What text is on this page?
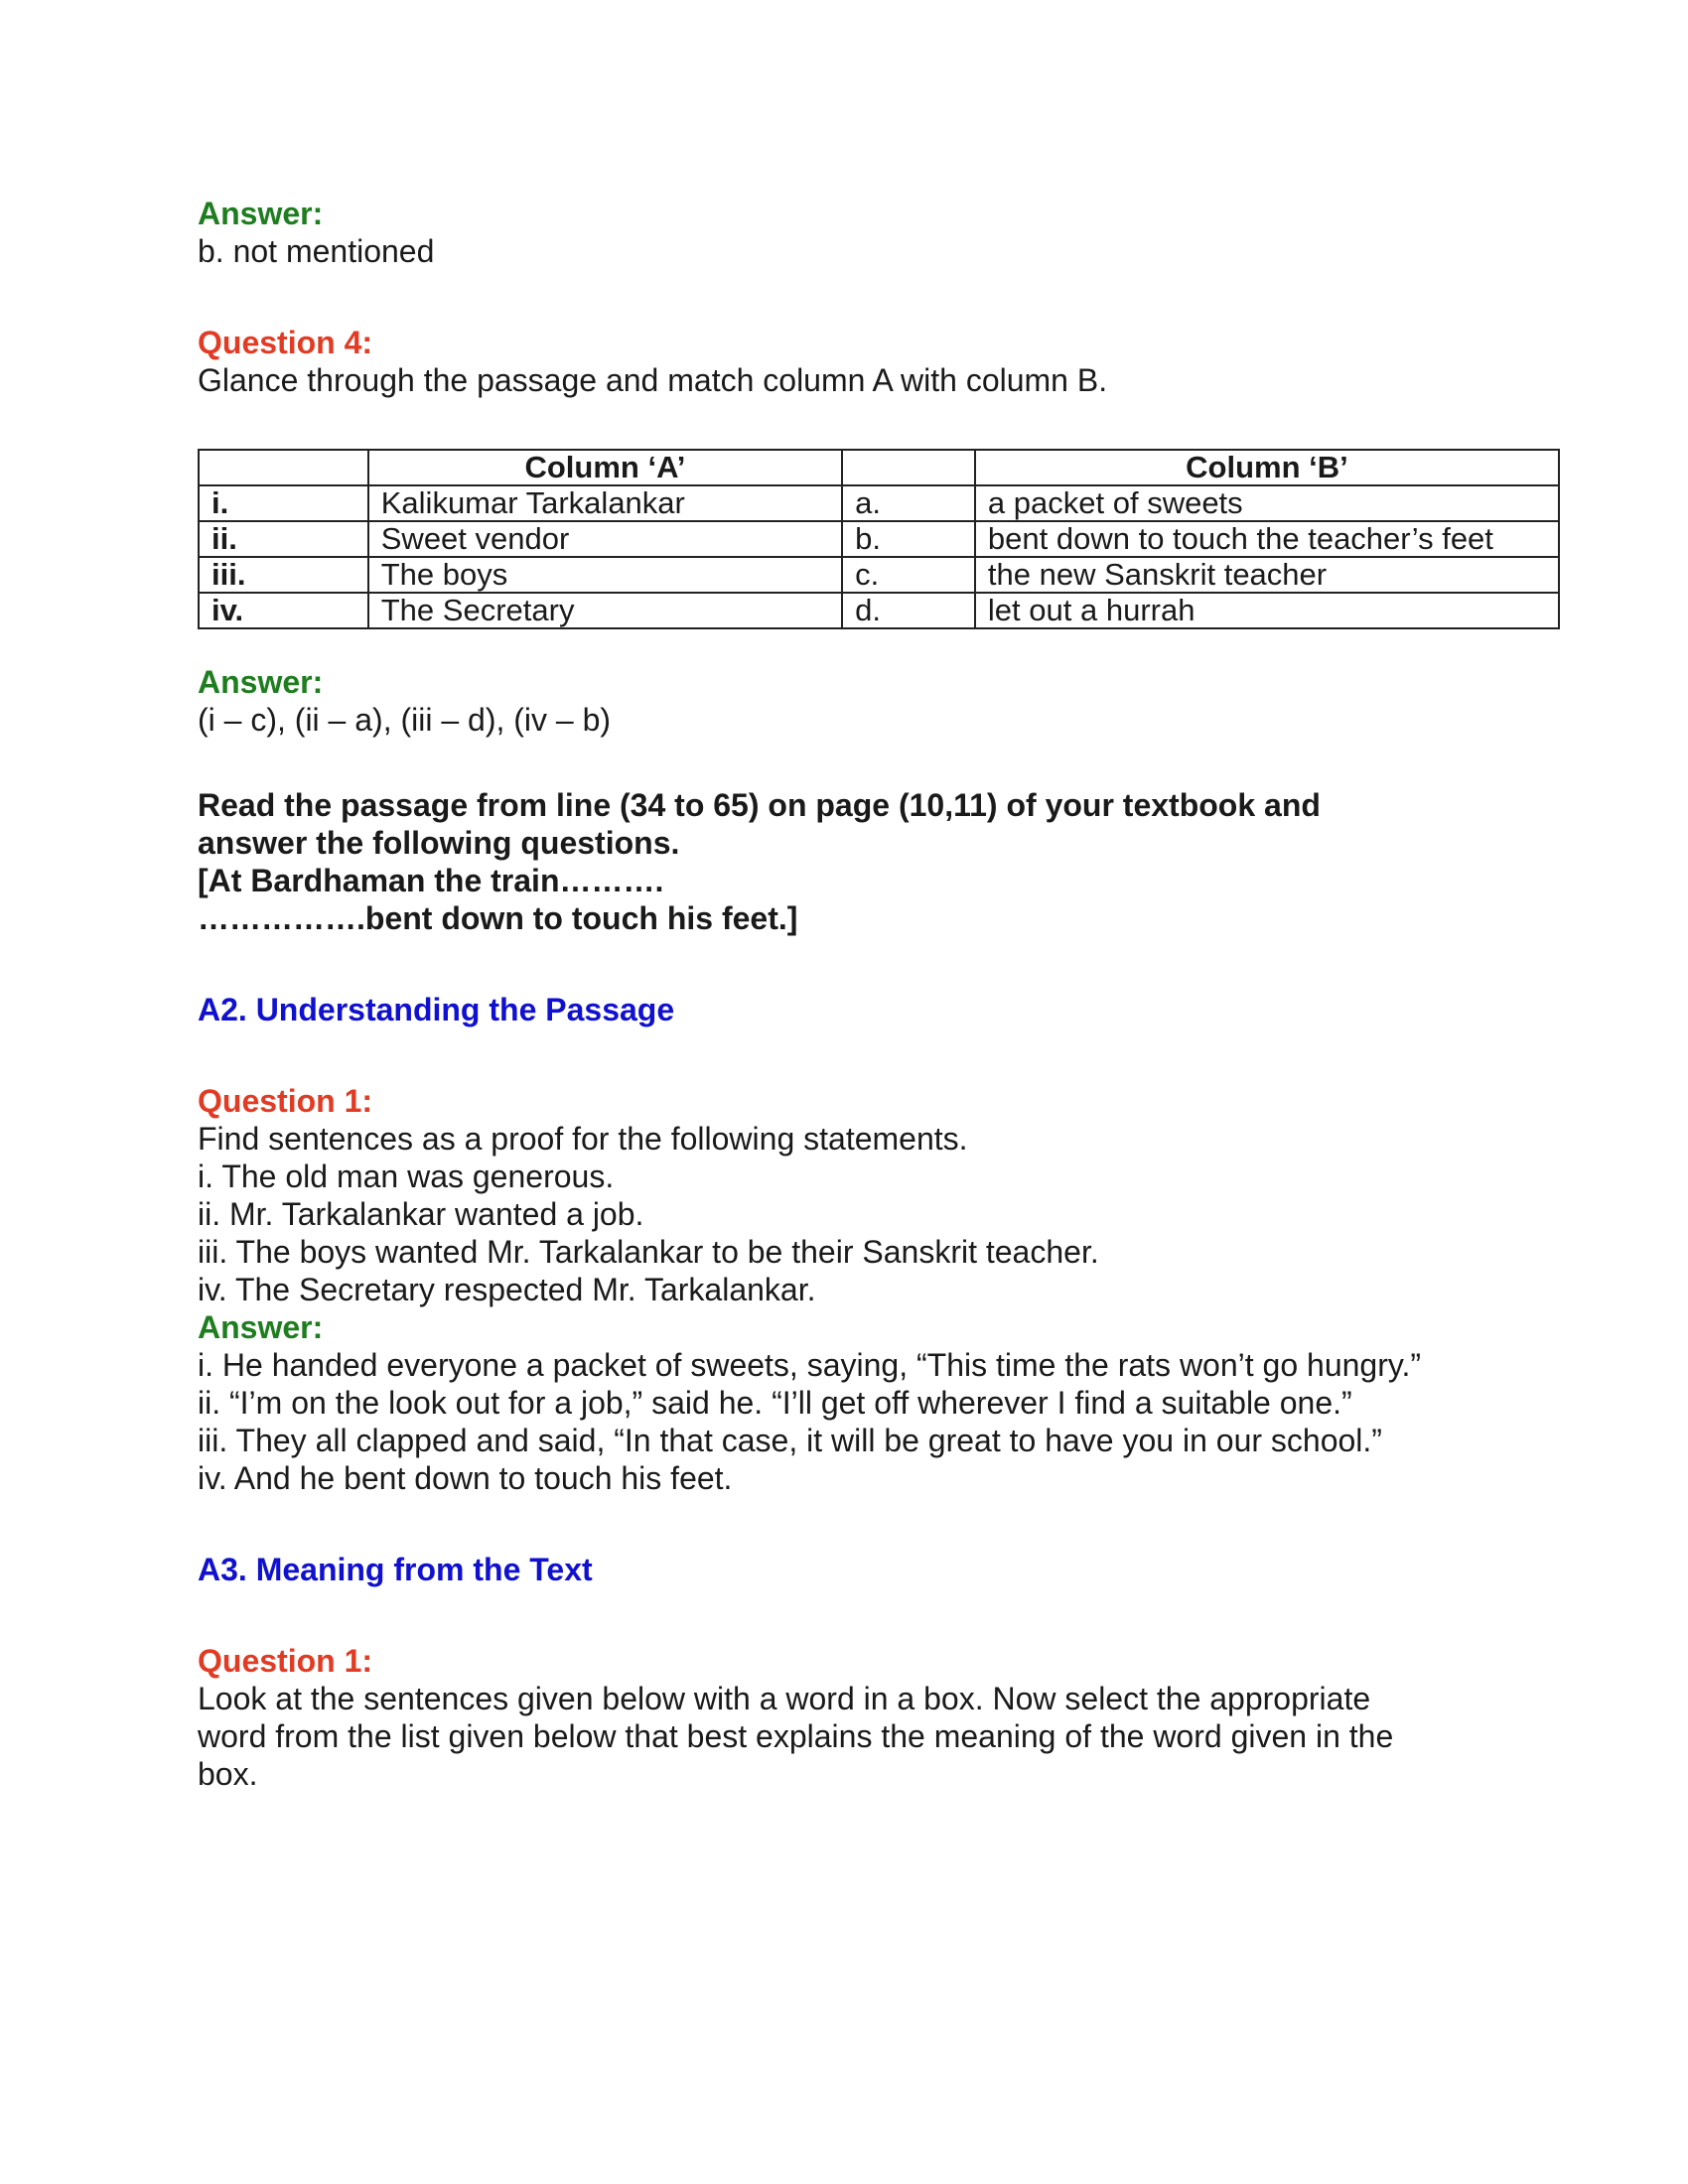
Answer:

b. not mentioned

Question 4:

Glance through the passage and match column A with column B.

	Column ‘A’		Column ‘B’
i.	Kalikumar Tarkalankar	a.	a packet of sweets
ii.	Sweet vendor	b.	bent down to touch the teacher’s feet
iii.	The boys	c.	the new Sanskrit teacher
iv.	The Secretary	d.	let out a hurrah

Answer:

(i – c), (ii – a), (iii – d), (iv – b)

Read the passage from line (34 to 65) on page (10,11) of your textbook and

answer the following questions.

[At Bardhaman the train……….

…………….bent down to touch his feet.]

A2. Understanding the Passage

Question 1:

Find sentences as a proof for the following statements.

i. The old man was generous.

ii. Mr. Tarkalankar wanted a job.

iii. The boys wanted Mr. Tarkalankar to be their Sanskrit teacher.

iv. The Secretary respected Mr. Tarkalankar.

Answer:

i. He handed everyone a packet of sweets, saying, “This time the rats won’t go hungry.”

ii. “I’m on the look out for a job,” said he. “I’ll get off wherever I find a suitable one.”

iii. They all clapped and said, “In that case, it will be great to have you in our school.”

iv. And he bent down to touch his feet.

A3. Meaning from the Text

Question 1:

Look at the sentences given below with a word in a box. Now select the appropriate

word from the list given below that best explains the meaning of the word given in the

box.
